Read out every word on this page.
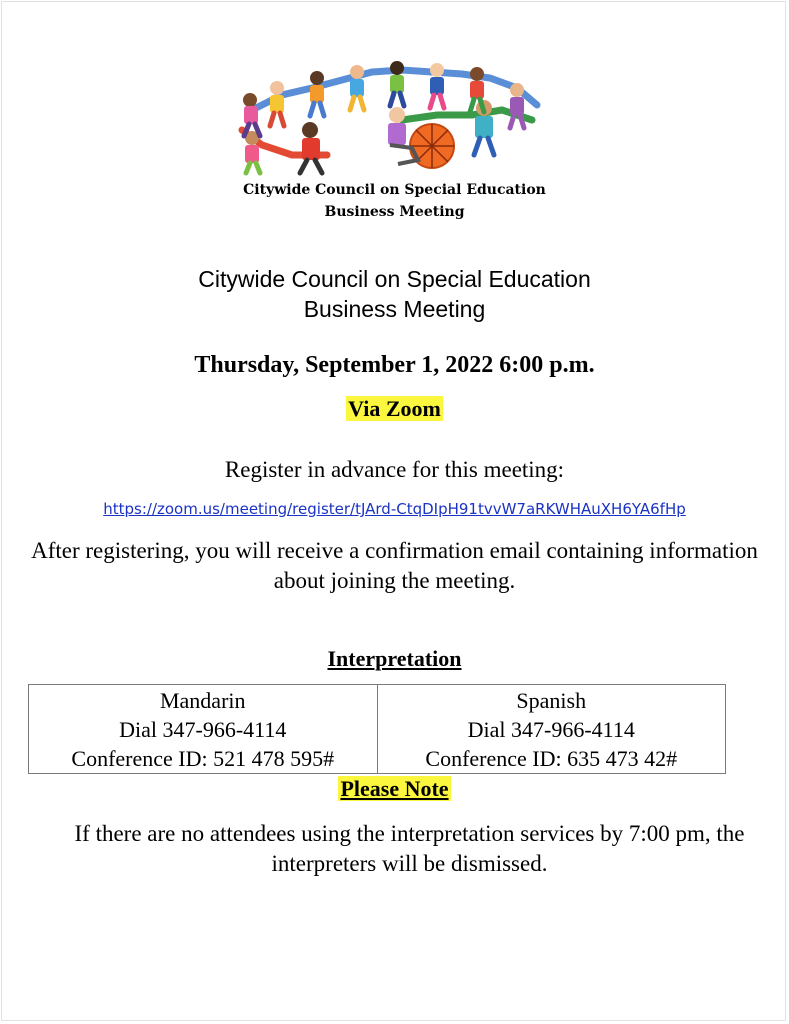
Citywide Council on Special Education
Business Meeting
Citywide Council on Special Education
Business Meeting
Thursday, September 1, 2022 6:00 p.m.
Via Zoom
Register in advance for this meeting:
https://zoom.us/meeting/register/tJArd-CtqDIpH91tvvW7aRKWHAuXH6YA6fHp
After registering, you will receive a confirmation email containing information about joining the meeting.
Interpretation
Mandarin
Dial 347-966-4114
Conference ID: 521 478 595#

Spanish
Dial 347-966-4114
Conference ID: 635 473 42#
Please Note
If there are no attendees using the interpretation services by 7:00 pm, the interpreters will be dismissed.
